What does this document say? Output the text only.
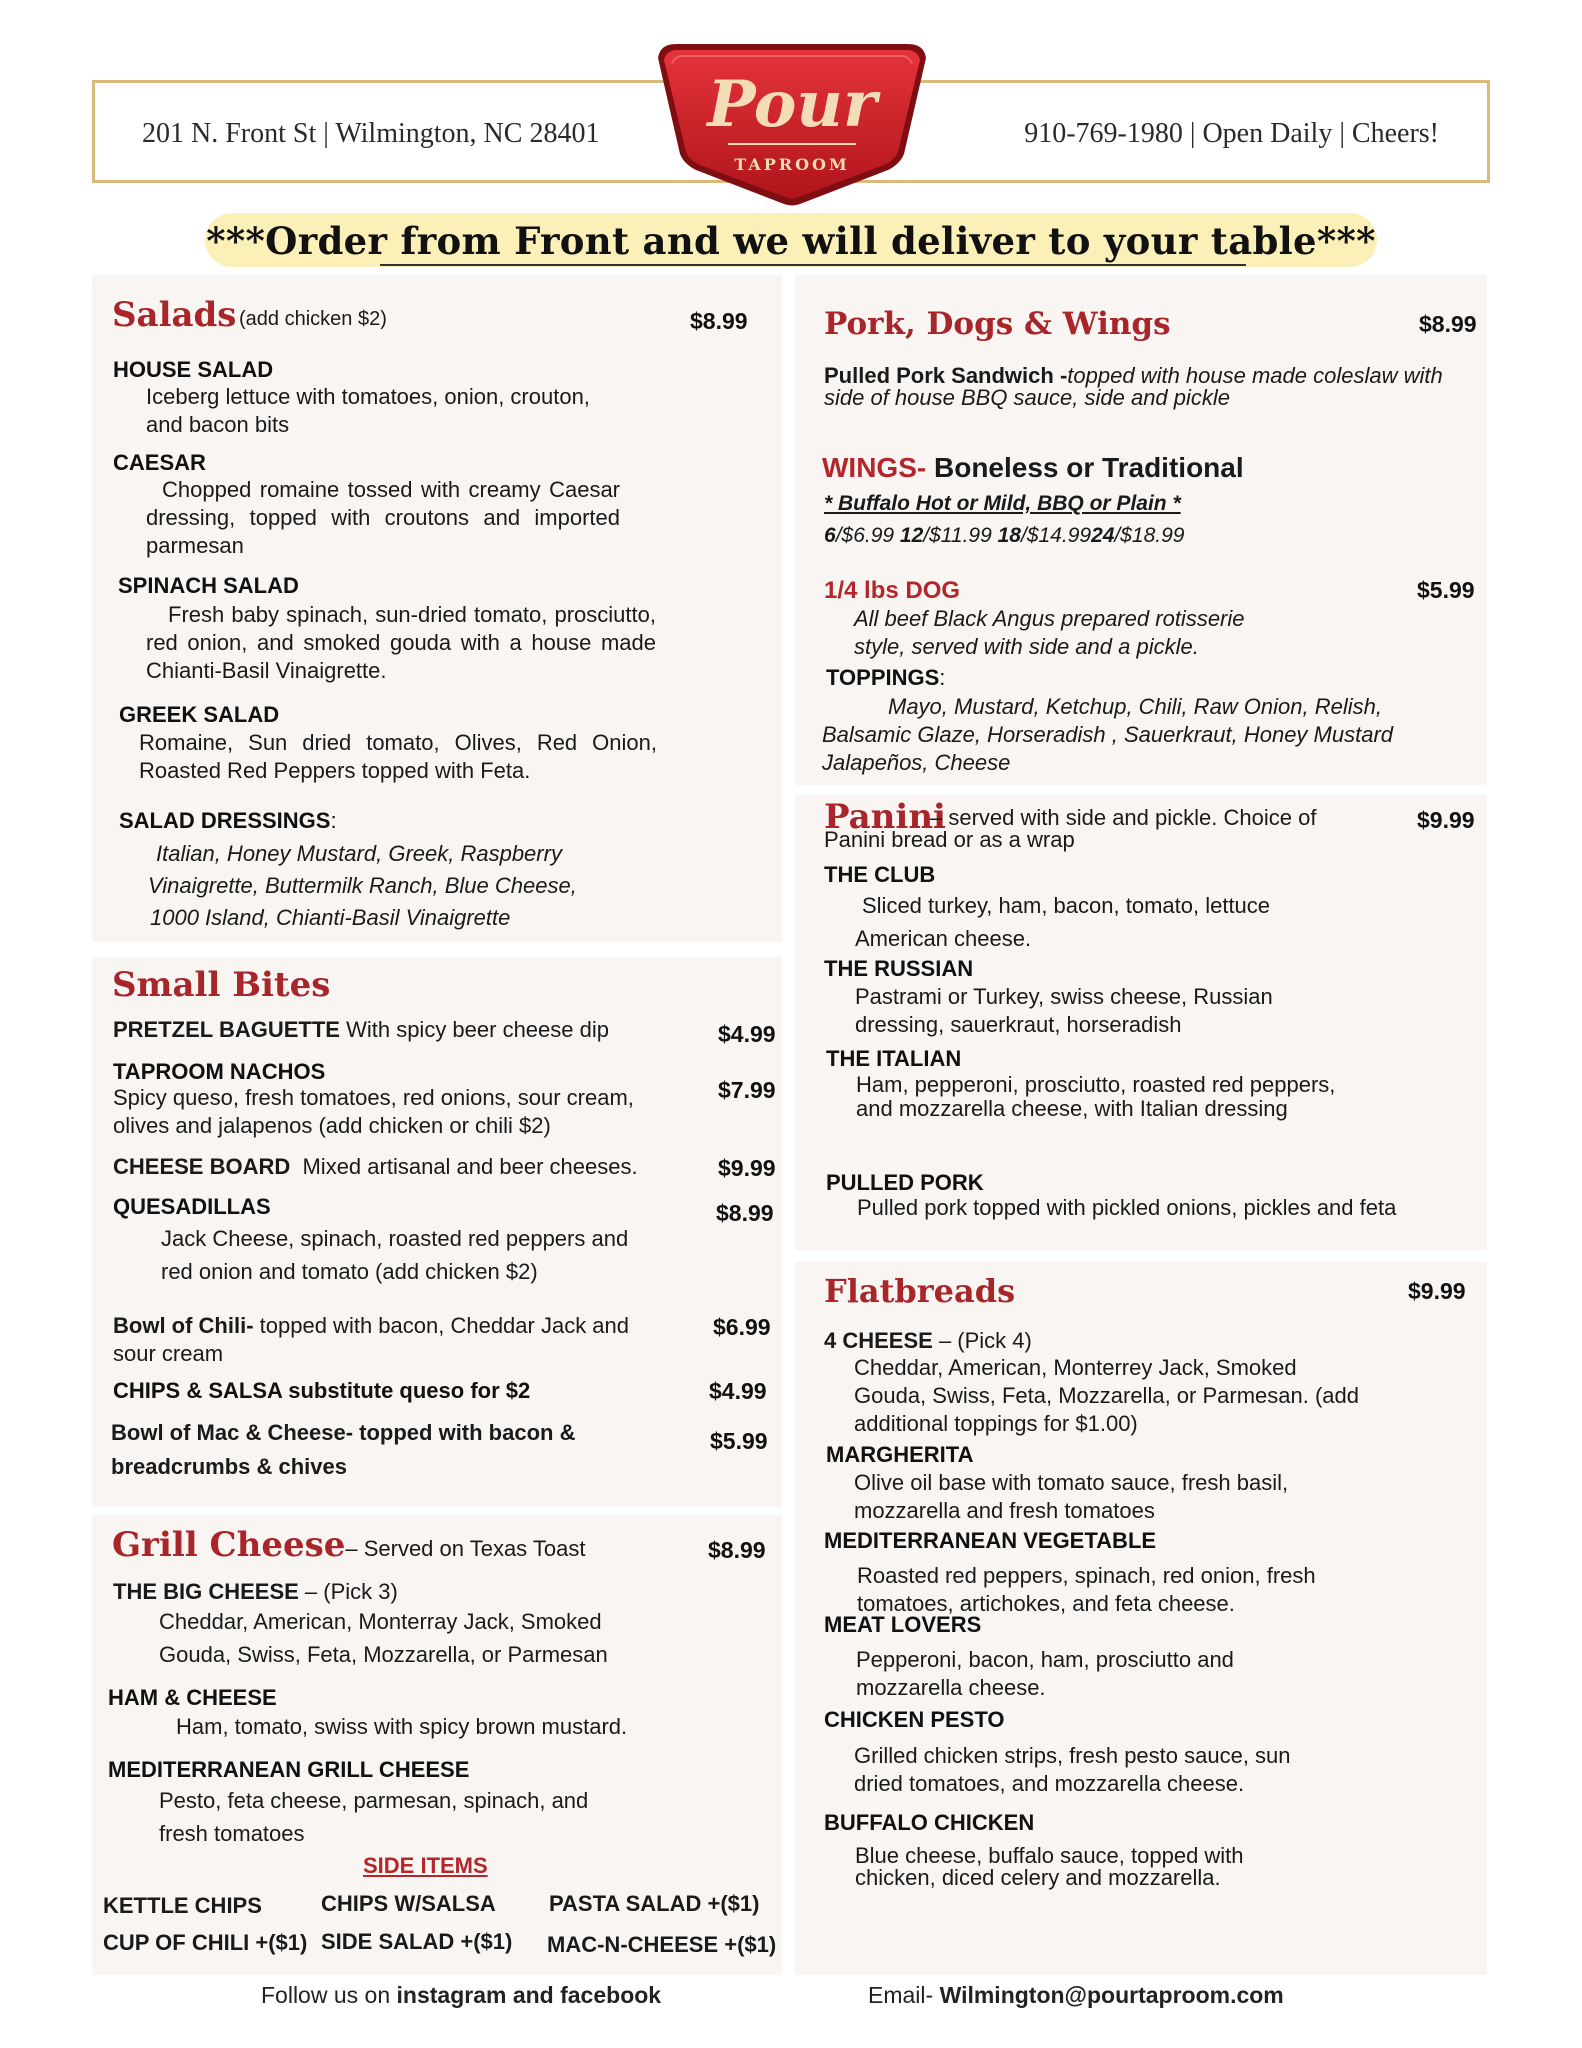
201 N. Front St | Wilmington, NC 28401	910-769-1980 | Open Daily | Cheers!
Pour
TAPROOM
***Order from Front and we will deliver to your table***
Salads (add chicken $2)	$8.99
HOUSE SALAD
Iceberg lettuce with tomatoes, onion, crouton, and bacon bits
CAESAR
Chopped romaine tossed with creamy Caesar dressing, topped with croutons and imported parmesan
SPINACH SALAD
Fresh baby spinach, sun-dried tomato, prosciutto, red onion, and smoked gouda with a house made Chianti-Basil Vinaigrette.
GREEK SALAD
Romaine, Sun dried tomato, Olives, Red Onion, Roasted Red Peppers topped with Feta.
SALAD DRESSINGS:
Italian, Honey Mustard, Greek, Raspberry
Vinaigrette, Buttermilk Ranch, Blue Cheese,
1000 Island, Chianti-Basil Vinaigrette
Small Bites
PRETZEL BAGUETTE With spicy beer cheese dip	$4.99
TAPROOM NACHOS
Spicy queso, fresh tomatoes, red onions, sour cream, olives and jalapenos (add chicken or chili $2)
$7.99
CHEESE BOARD Mixed artisanal and beer cheeses.	$9.99
QUESADILLAS
Jack Cheese, spinach, roasted red peppers and red onion and tomato (add chicken $2)
$8.99
Bowl of Chili- topped with bacon, Cheddar Jack and sour cream
$6.99
CHIPS & SALSA substitute queso for $2	$4.99
Bowl of Mac & Cheese- topped with bacon & breadcrumbs & chives
$5.99
Grill Cheese– Served on Texas Toast	$8.99
THE BIG CHEESE – (Pick 3)
Cheddar, American, Monterray Jack, Smoked Gouda, Swiss, Feta, Mozzarella, or Parmesan
HAM & CHEESE
Ham, tomato, swiss with spicy brown mustard.
MEDITERRANEAN GRILL CHEESE
Pesto, feta cheese, parmesan, spinach, and fresh tomatoes
SIDE ITEMS
KETTLE CHIPS	CHIPS W/SALSA PASTA SALAD +($1)
CUP OF CHILI +($1) SIDE SALAD +($1) MAC-N-CHEESE +($1)
Pork, Dogs & Wings	$8.99
Pulled Pork Sandwich -topped with house made coleslaw with side of house BBQ sauce, side and pickle
WINGS- Boneless or Traditional
* Buffalo Hot or Mild, BBQ or Plain *
6/$6.99 12/$11.99 18/$14.9924/$18.99
1/4 lbs DOG	$5.99
All beef Black Angus prepared rotisserie style, served with side and a pickle.
TOPPINGS:
Mayo, Mustard, Ketchup, Chili, Raw Onion, Relish,
Balsamic Glaze, Horseradish , Sauerkraut, Honey Mustard
Jalapeños, Cheese
Panini
– served with side and pickle. Choice of Panini bread or as a wrap
$9.99
THE CLUB
Sliced turkey, ham, bacon, tomato, lettuce American cheese.
THE RUSSIAN
Pastrami or Turkey, swiss cheese, Russian dressing, sauerkraut, horseradish
THE ITALIAN
Ham, pepperoni, prosciutto, roasted red peppers, and mozzarella cheese, with Italian dressing
PULLED PORK
Pulled pork topped with pickled onions, pickles and feta
Flatbreads	$9.99
4 CHEESE – (Pick 4)
Cheddar, American, Monterrey Jack, Smoked Gouda, Swiss, Feta, Mozzarella, or Parmesan. (add additional toppings for $1.00)
MARGHERITA
Olive oil base with tomato sauce, fresh basil, mozzarella and fresh tomatoes
MEDITERRANEAN VEGETABLE
Roasted red peppers, spinach, red onion, fresh tomatoes, artichokes, and feta cheese.
MEAT LOVERS
Pepperoni, bacon, ham, prosciutto and mozzarella cheese.
CHICKEN PESTO
Grilled chicken strips, fresh pesto sauce, sun dried tomatoes, and mozzarella cheese.
BUFFALO CHICKEN
Blue cheese, buffalo sauce, topped with chicken, diced celery and mozzarella.
Follow us on instagram and facebook	Email- Wilmington@pourtaproom.com
